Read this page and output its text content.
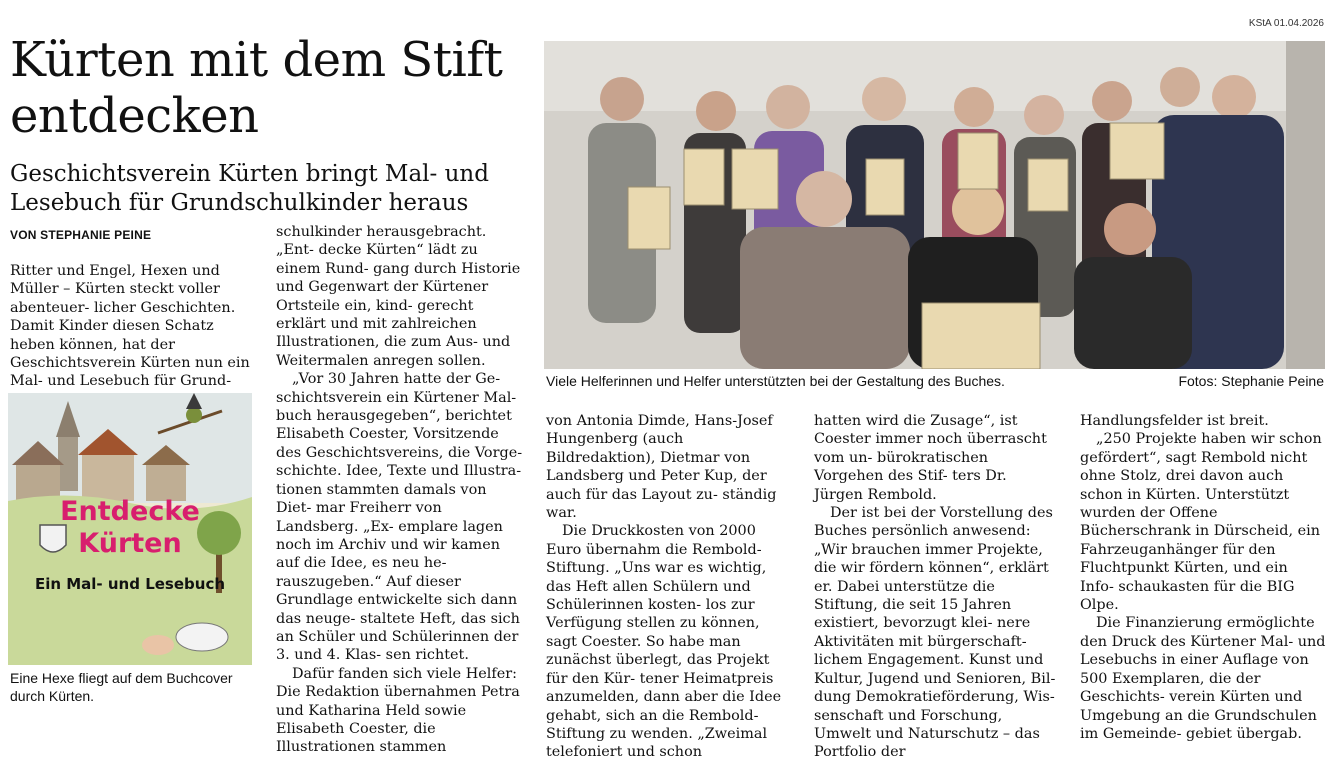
KStA 01.04.2026
Kürten mit dem Stift entdecken
Geschichtsverein Kürten bringt Mal- und Lesebuch für Grundschulkinder heraus
VON STEPHANIE PEINE

Ritter und Engel, Hexen und Müller – Kürten steckt voller abenteuer- licher Geschichten. Damit Kinder diesen Schatz heben können, hat der Geschichtsverein Kürten nun ein Mal- und Lesebuch für Grund-

Entdecke
Kürten
Ein Mal- und Lesebuch
Eine Hexe fliegt auf dem Buchcover durch Kürten.

schulkinder herausgebracht. „Ent- decke Kürten“ lädt zu einem Rund- gang durch Historie und Gegenwart der Kürtener Ortsteile ein, kind- gerecht erklärt und mit zahlreichen Illustrationen, die zum Aus- und Weitermalen anregen sollen.

„Vor 30 Jahren hatte der Ge- schichtsverein ein Kürtener Mal- buch herausgegeben“, berichtet Elisabeth Coester, Vorsitzende des Geschichtsvereins, die Vorge- schichte. Idee, Texte und Illustra- tionen stammten damals von Diet- mar Freiherr von Landsberg. „Ex- emplare lagen noch im Archiv und wir kamen auf die Idee, es neu he- rauszugeben.“ Auf dieser Grundlage entwickelte sich dann das neuge- staltete Heft, das sich an Schüler und Schülerinnen der 3. und 4. Klas- sen richtet.

Dafür fanden sich viele Helfer: Die Redaktion übernahmen Petra und Katharina Held sowie Elisabeth Coester, die Illustrationen stammen

Viele Helferinnen und Helfer unterstützten bei der Gestaltung des Buches.	Fotos: Stephanie Peine

von Antonia Dimde, Hans-Josef Hungenberg (auch Bildredaktion), Dietmar von Landsberg und Peter Kup, der auch für das Layout zu- ständig war.

Die Druckkosten von 2000 Euro übernahm die Rembold-Stiftung. „Uns war es wichtig, das Heft allen Schülern und Schülerinnen kosten- los zur Verfügung stellen zu können, sagt Coester. So habe man zunächst überlegt, das Projekt für den Kür- tener Heimatpreis anzumelden, dann aber die Idee gehabt, sich an die Rembold-Stiftung zu wenden. „Zweimal telefoniert und schon

hatten wird die Zusage“, ist Coester immer noch überrascht vom un- bürokratischen Vorgehen des Stif- ters Dr. Jürgen Rembold.

Der ist bei der Vorstellung des Buches persönlich anwesend: „Wir brauchen immer Projekte, die wir fördern können“, erklärt er. Dabei unterstütze die Stiftung, die seit 15 Jahren existiert, bevorzugt klei- nere Aktivitäten mit bürgerschaft- lichem Engagement. Kunst und Kultur, Jugend und Senioren, Bil- dung Demokratieförderung, Wis- senschaft und Forschung, Umwelt und Naturschutz – das Portfolio der

Handlungsfelder ist breit.

„250 Projekte haben wir schon gefördert“, sagt Rembold nicht ohne Stolz, drei davon auch schon in Kürten. Unterstützt wurden der Offene Bücherschrank in Dürscheid, ein Fahrzeuganhänger für den Fluchtpunkt Kürten, und ein Info- schaukasten für die BIG Olpe.

Die Finanzierung ermöglichte den Druck des Kürtener Mal- und Lesebuchs in einer Auflage von 500 Exemplaren, die der Geschichts- verein Kürten und Umgebung an die Grundschulen im Gemeinde- gebiet übergab.
